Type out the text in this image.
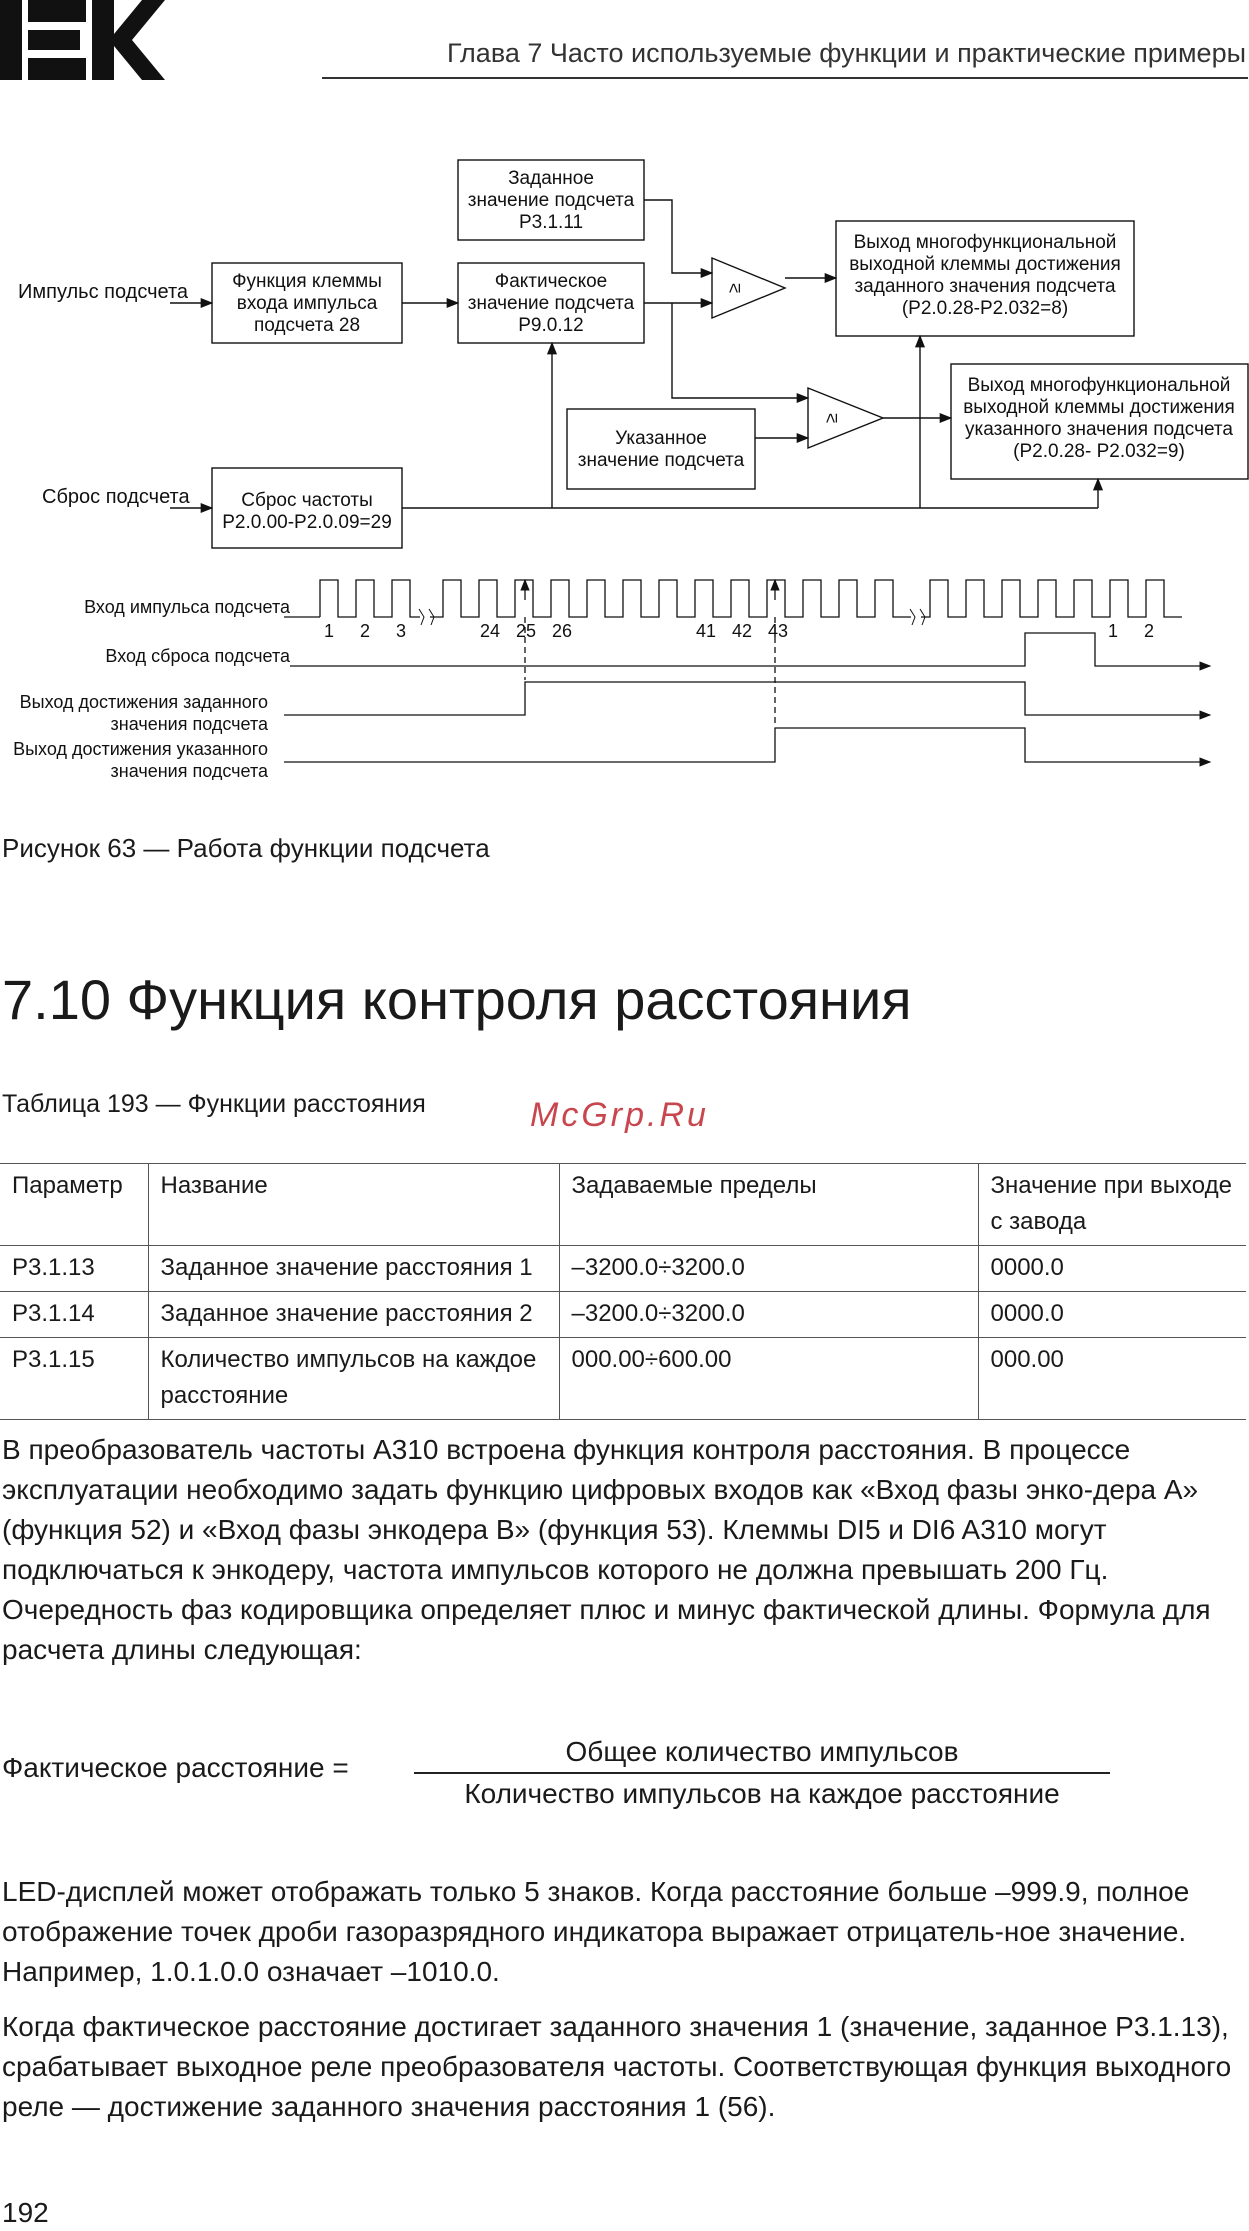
Глава 7 Часто используемые функции и практические примеры
Заданное
значение подсчета
P3.1.11
Функция клеммы
входа импульса
подсчета 28
Фактическое
значение подсчета
P9.0.12
Указанное
значение подсчета
Сброс частоты
P2.0.00-P2.0.09=29
Выход многофункциональной
выходной клеммы достижения
заданного значения подсчета
(P2.0.28-P2.032=8)
Выход многофункциональной
выходной клеммы достижения
указанного значения подсчета
(P2.0.28- P2.032=9)
Импульс подсчета
Сброс подсчета
≥
≥
Вход импульса подсчета
Вход сброса подсчета
Выход достижения заданного
значения подсчета
Выход достижения указанного
значения подсчета
1 2 3	24 25 26	41 42 43	1 2
Рисунок 63 — Работа функции подсчета
7.10 Функция контроля расстояния
Таблица 193 — Функции расстояния	McGrp.Ru
Параметр	Название	Задаваемые пределы	Значение при выходе с завода
P3.1.13	Заданное значение расстояния 1	–3200.0÷3200.0	0000.0
P3.1.14	Заданное значение расстояния 2	–3200.0÷3200.0	0000.0
P3.1.15	Количество импульсов на каждое расстояние	000.00÷600.00	000.00
В преобразователь частоты A310 встроена функция контроля расстояния. В процессе эксплуатации необходимо задать функцию цифровых входов как «Вход фазы энко-дера A» (функция 52) и «Вход фазы энкодера B» (функция 53). Клеммы DI5 и DI6 A310 могут подключаться к энкодеру, частота импульсов которого не должна превышать 200 Гц. Очередность фаз кодировщика определяет плюс и минус фактической длины. Формула для расчета длины следующая:
Фактическое расстояние =
Общее количество импульсов
Количество импульсов на каждое расстояние
LED-дисплей может отображать только 5 знаков. Когда расстояние больше –999.9, полное отображение точек дроби газоразрядного индикатора выражает отрицатель-ное значение. Например, 1.0.1.0.0 означает –1010.0.
Когда фактическое расстояние достигает заданного значения 1 (значение, заданное P3.1.13), срабатывает выходное реле преобразователя частоты. Соответствующая функция выходного реле — достижение заданного значения расстояния 1 (56).
192
